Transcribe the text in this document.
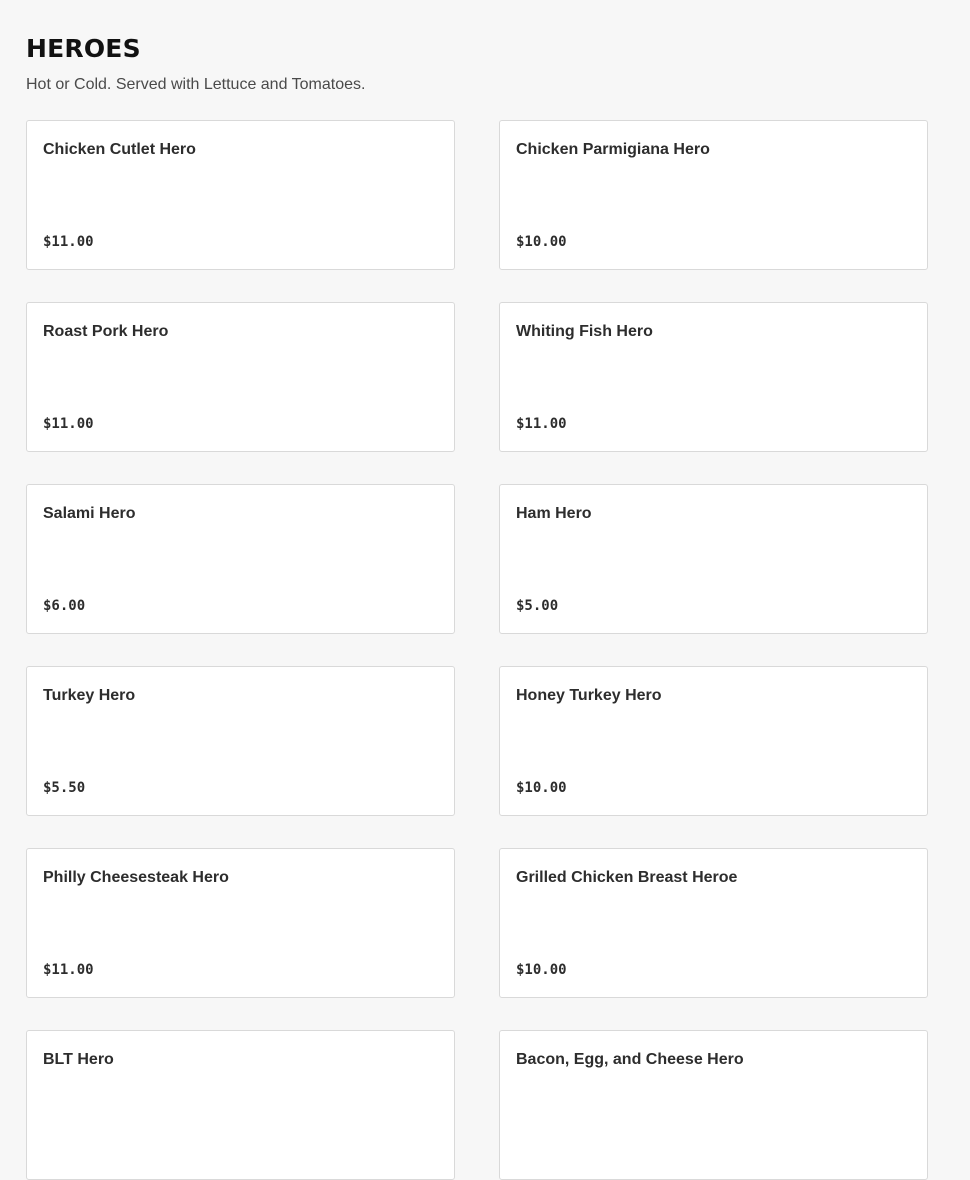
HEROES

Hot or Cold. Served with Lettuce and Tomatoes.

Chicken Cutlet Hero
$11.00
Chicken Parmigiana Hero
$10.00
Roast Pork Hero
$11.00
Whiting Fish Hero
$11.00
Salami Hero
$6.00
Ham Hero
$5.00
Turkey Hero
$5.50
Honey Turkey Hero
$10.00
Philly Cheesesteak Hero
$11.00
Grilled Chicken Breast Heroe
$10.00
BLT Hero	Bacon, Egg, and Cheese Hero
